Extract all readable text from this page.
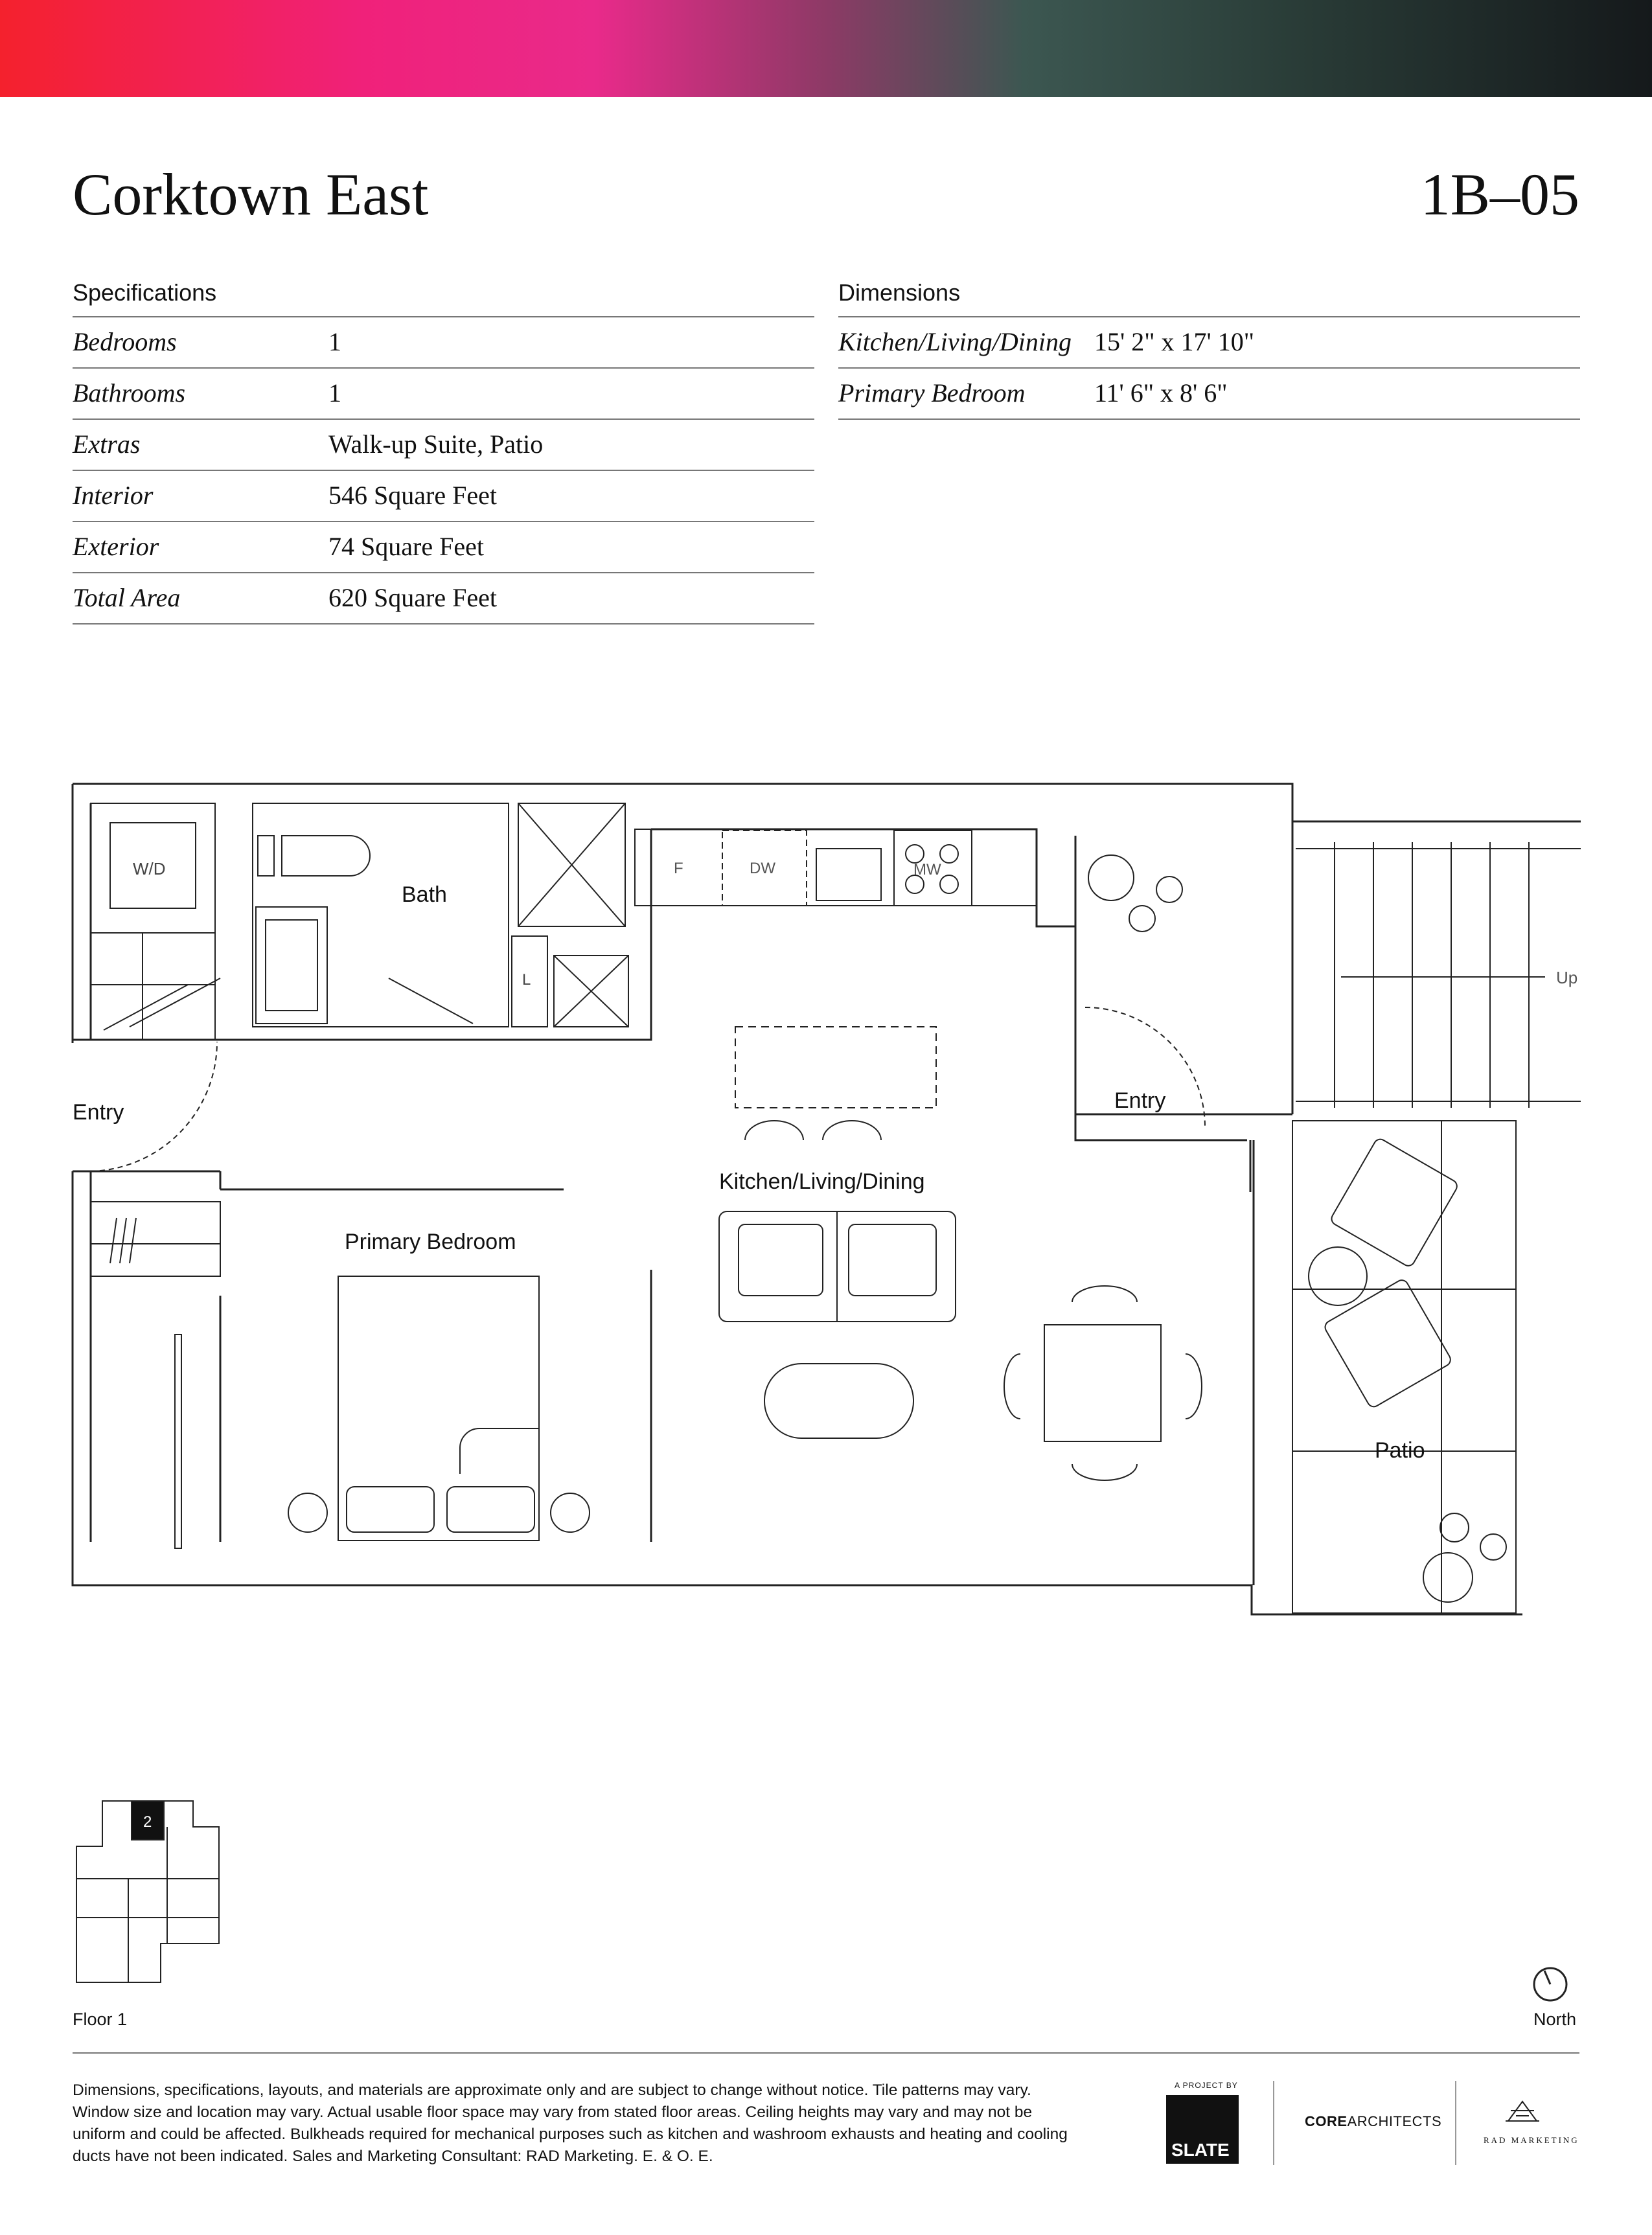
Corktown East	1B–05
Specifications	Dimensions
Bedrooms	1
Bathrooms	1
Extras	Walk-up Suite, Patio
Interior	546 Square Feet
Exterior	74 Square Feet
Total Area	620 Square Feet
Kitchen/Living/Dining 15' 2" x 17' 10"
Primary Bedroom	11' 6" x 8' 6"
W/D
Bath
L
F	DW	MW
Entry	Entry
Kitchen/Living/Dining
Primary Bedroom
Patio
Up
2
Floor 1	North
Dimensions, specifications, layouts, and materials are approximate only and are subject to change without notice. Tile patterns may vary. Window size and location may vary. Actual usable floor space may vary from stated floor areas. Ceiling heights may vary and may not be uniform and could be affected. Bulkheads required for mechanical purposes such as kitchen and washroom exhausts and heating and cooling ducts have not been indicated. Sales and Marketing Consultant: RAD Marketing. E. & O. E.
A PROJECT BY
SLATE
COREARCHITECTS
RAD MARKETING
